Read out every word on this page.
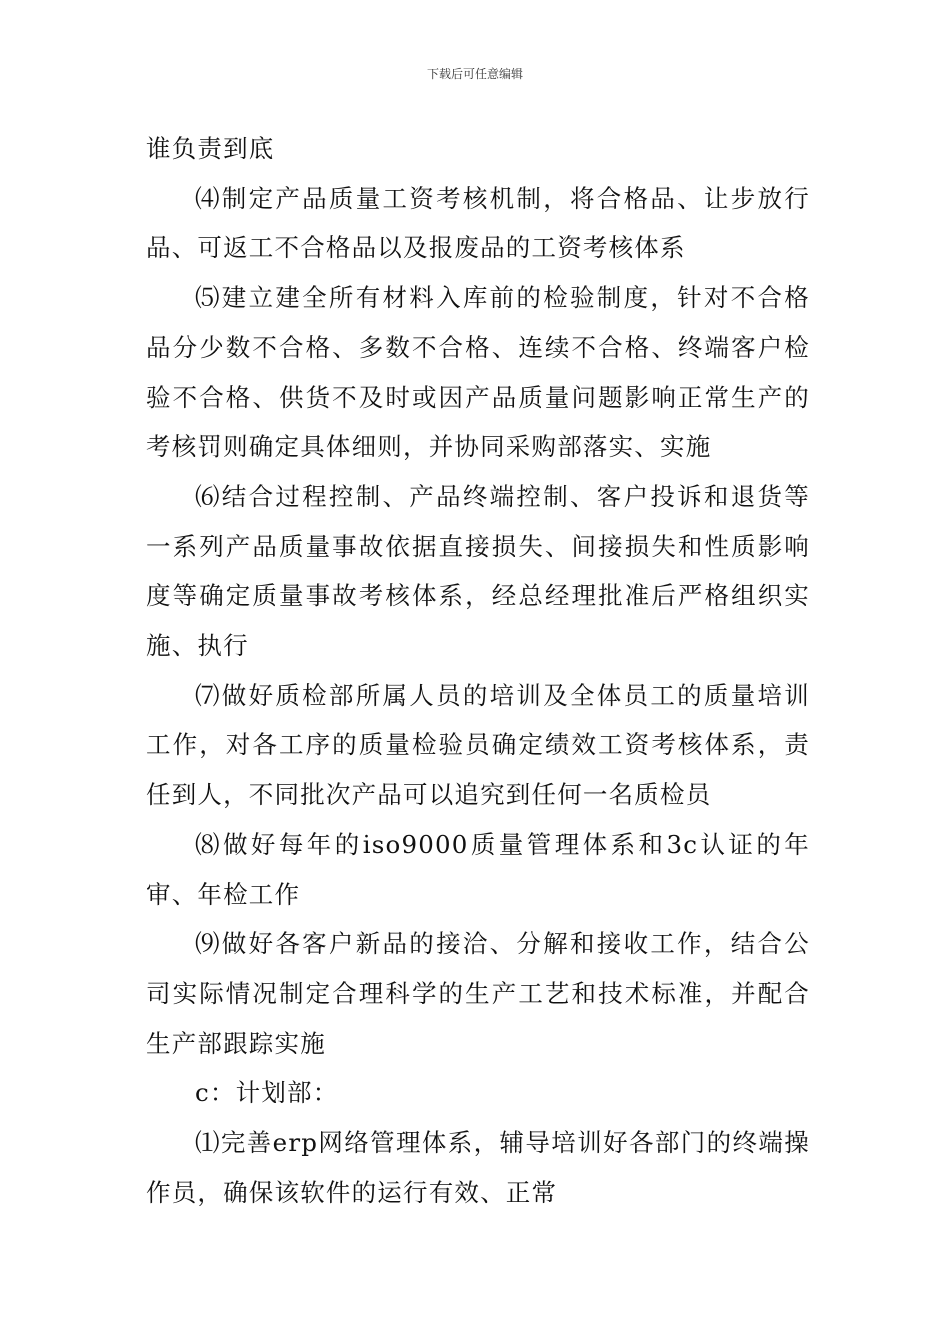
下载后可任意编辑

谁负责到底

⑷制定产品质量工资考核机制，将合格品、让步放行品、可返工不合格品以及报废品的工资考核体系

⑸建立建全所有材料入库前的检验制度，针对不合格品分少数不合格、多数不合格、连续不合格、终端客户检验不合格、供货不及时或因产品质量问题影响正常生产的考核罚则确定具体细则，并协同采购部落实、实施

⑹结合过程控制、产品终端控制、客户投诉和退货等一系列产品质量事故依据直接损失、间接损失和性质影响度等确定质量事故考核体系，经总经理批准后严格组织实施、执行

⑺做好质检部所属人员的培训及全体员工的质量培训工作，对各工序的质量检验员确定绩效工资考核体系，责任到人，不同批次产品可以追究到任何一名质检员

⑻做好每年的iso9000质量管理体系和3c认证的年审、年检工作

⑼做好各客户新品的接洽、分解和接收工作，结合公司实际情况制定合理科学的生产工艺和技术标准，并配合生产部跟踪实施

c：计划部：

⑴完善erp网络管理体系，辅导培训好各部门的终端操作员，确保该软件的运行有效、正常
